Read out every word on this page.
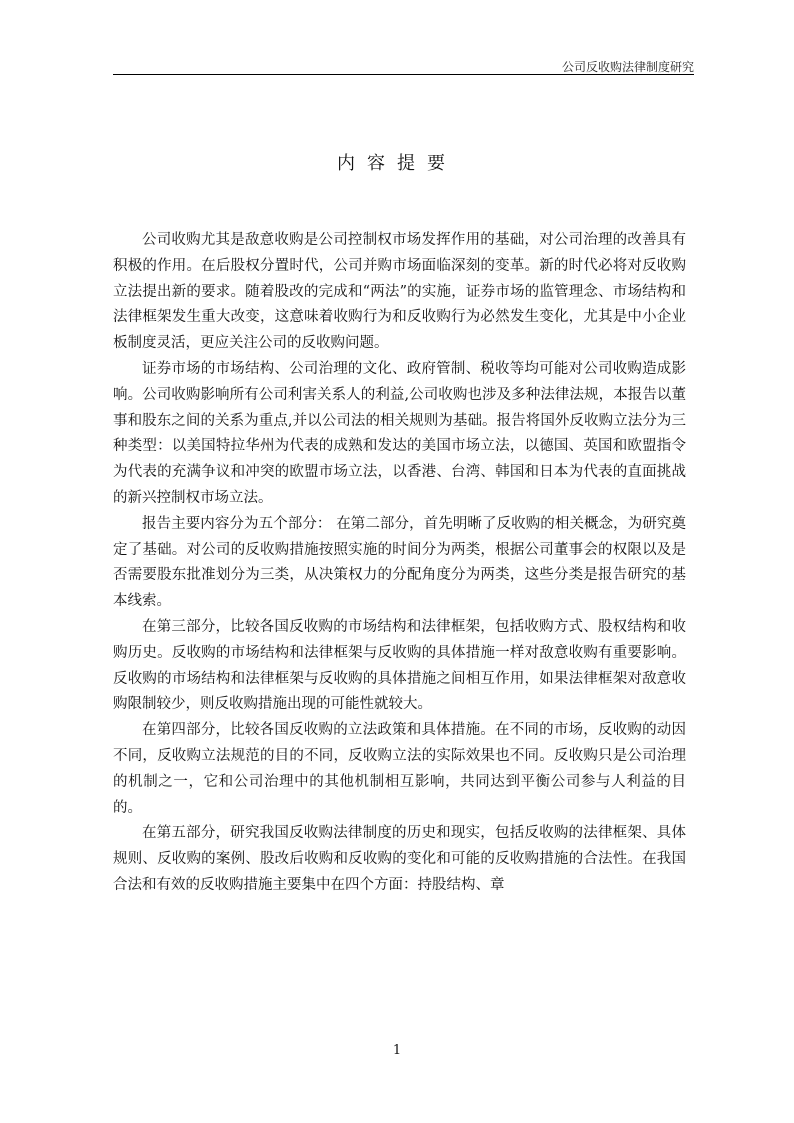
公司反收购法律制度研究
内容提要

公司收购尤其是敌意收购是公司控制权市场发挥作用的基础，对公司治理的改善具有积极的作用。在后股权分置时代，公司并购市场面临深刻的变革。新的时代必将对反收购立法提出新的要求。随着股改的完成和“两法”的实施，证券市场的监管理念、市场结构和法律框架发生重大改变，这意味着收购行为和反收购行为必然发生变化，尤其是中小企业板制度灵活，更应关注公司的反收购问题。

证券市场的市场结构、公司治理的文化、政府管制、税收等均可能对公司收购造成影响。公司收购影响所有公司利害关系人的利益,公司收购也涉及多种法律法规，本报告以董事和股东之间的关系为重点,并以公司法的相关规则为基础。报告将国外反收购立法分为三种类型：以美国特拉华州为代表的成熟和发达的美国市场立法，以德国、英国和欧盟指令为代表的充满争议和冲突的欧盟市场立法，以香港、台湾、韩国和日本为代表的直面挑战的新兴控制权市场立法。

报告主要内容分为五个部分： 在第二部分，首先明晰了反收购的相关概念，为研究奠定了基础。对公司的反收购措施按照实施的时间分为两类，根据公司董事会的权限以及是否需要股东批准划分为三类，从决策权力的分配角度分为两类，这些分类是报告研究的基本线索。

在第三部分，比较各国反收购的市场结构和法律框架，包括收购方式、股权结构和收购历史。反收购的市场结构和法律框架与反收购的具体措施一样对敌意收购有重要影响。反收购的市场结构和法律框架与反收购的具体措施之间相互作用，如果法律框架对敌意收购限制较少，则反收购措施出现的可能性就较大。

在第四部分，比较各国反收购的立法政策和具体措施。在不同的市场，反收购的动因不同，反收购立法规范的目的不同，反收购立法的实际效果也不同。反收购只是公司治理的机制之一，它和公司治理中的其他机制相互影响，共同达到平衡公司参与人利益的目的。

在第五部分，研究我国反收购法律制度的历史和现实，包括反收购的法律框架、具体规则、反收购的案例、股改后收购和反收购的变化和可能的反收购措施的合法性。在我国合法和有效的反收购措施主要集中在四个方面：持股结构、章

1
